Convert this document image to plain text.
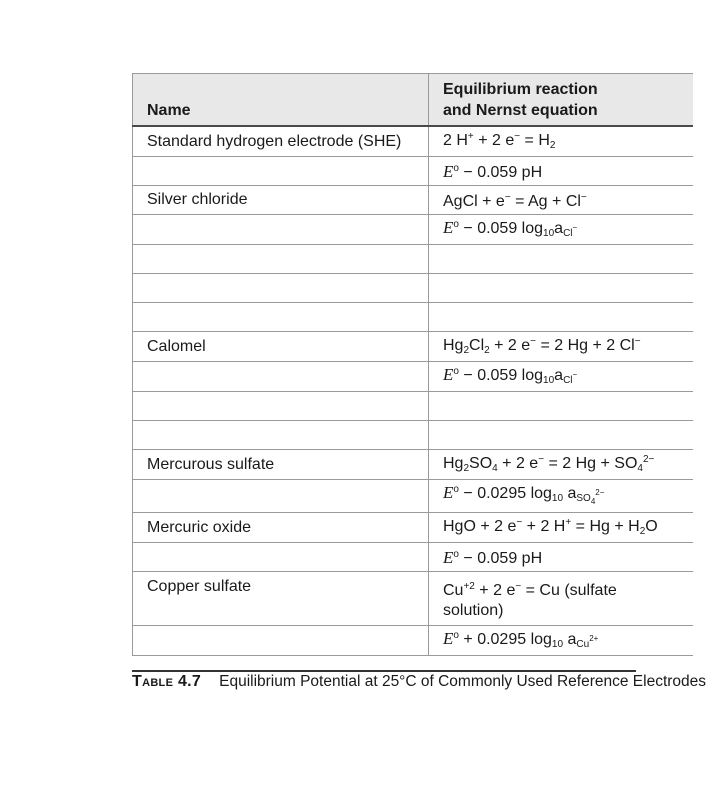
Name	Equilibrium reaction
and Nernst equation
Standard hydrogen electrode (SHE)	2 H+ + 2 $e^- = H_2$
	$E^o - 0.059$ pH
Silver chloride	AgCl + e− = Ag + Cl−
	$E^o - 0.059$ $\log_{10}a_{Cl^-}$

Calomel	$Hg_2Cl_2 + 2$ e− = 2 Hg + 2 Cl−
	$E^o - 0.059$ $\log_{10}a_{Cl^-}$

Mercurous sulfate	$Hg_2SO_4 + 2$ e− = 2 $Hg + SO_4^{2-}$
	$E^o - 0.0295$ $\log_{10} a_{SO_4^{2-}}$
Mercuric oxide	HgO + 2 e− + 2 $H^+ = Hg + H_2O$
	$E^o - 0.059$ pH
Copper sulfate	$Cu^{+2} + 2$ e− = Cu (sulfate solution)
	$E^o + 0.0295$ $\log_{10} a_{Cu^{2+}}$
Table 4.7 Equilibrium Potential at 25°C of Commonly Used Reference Electrodes
